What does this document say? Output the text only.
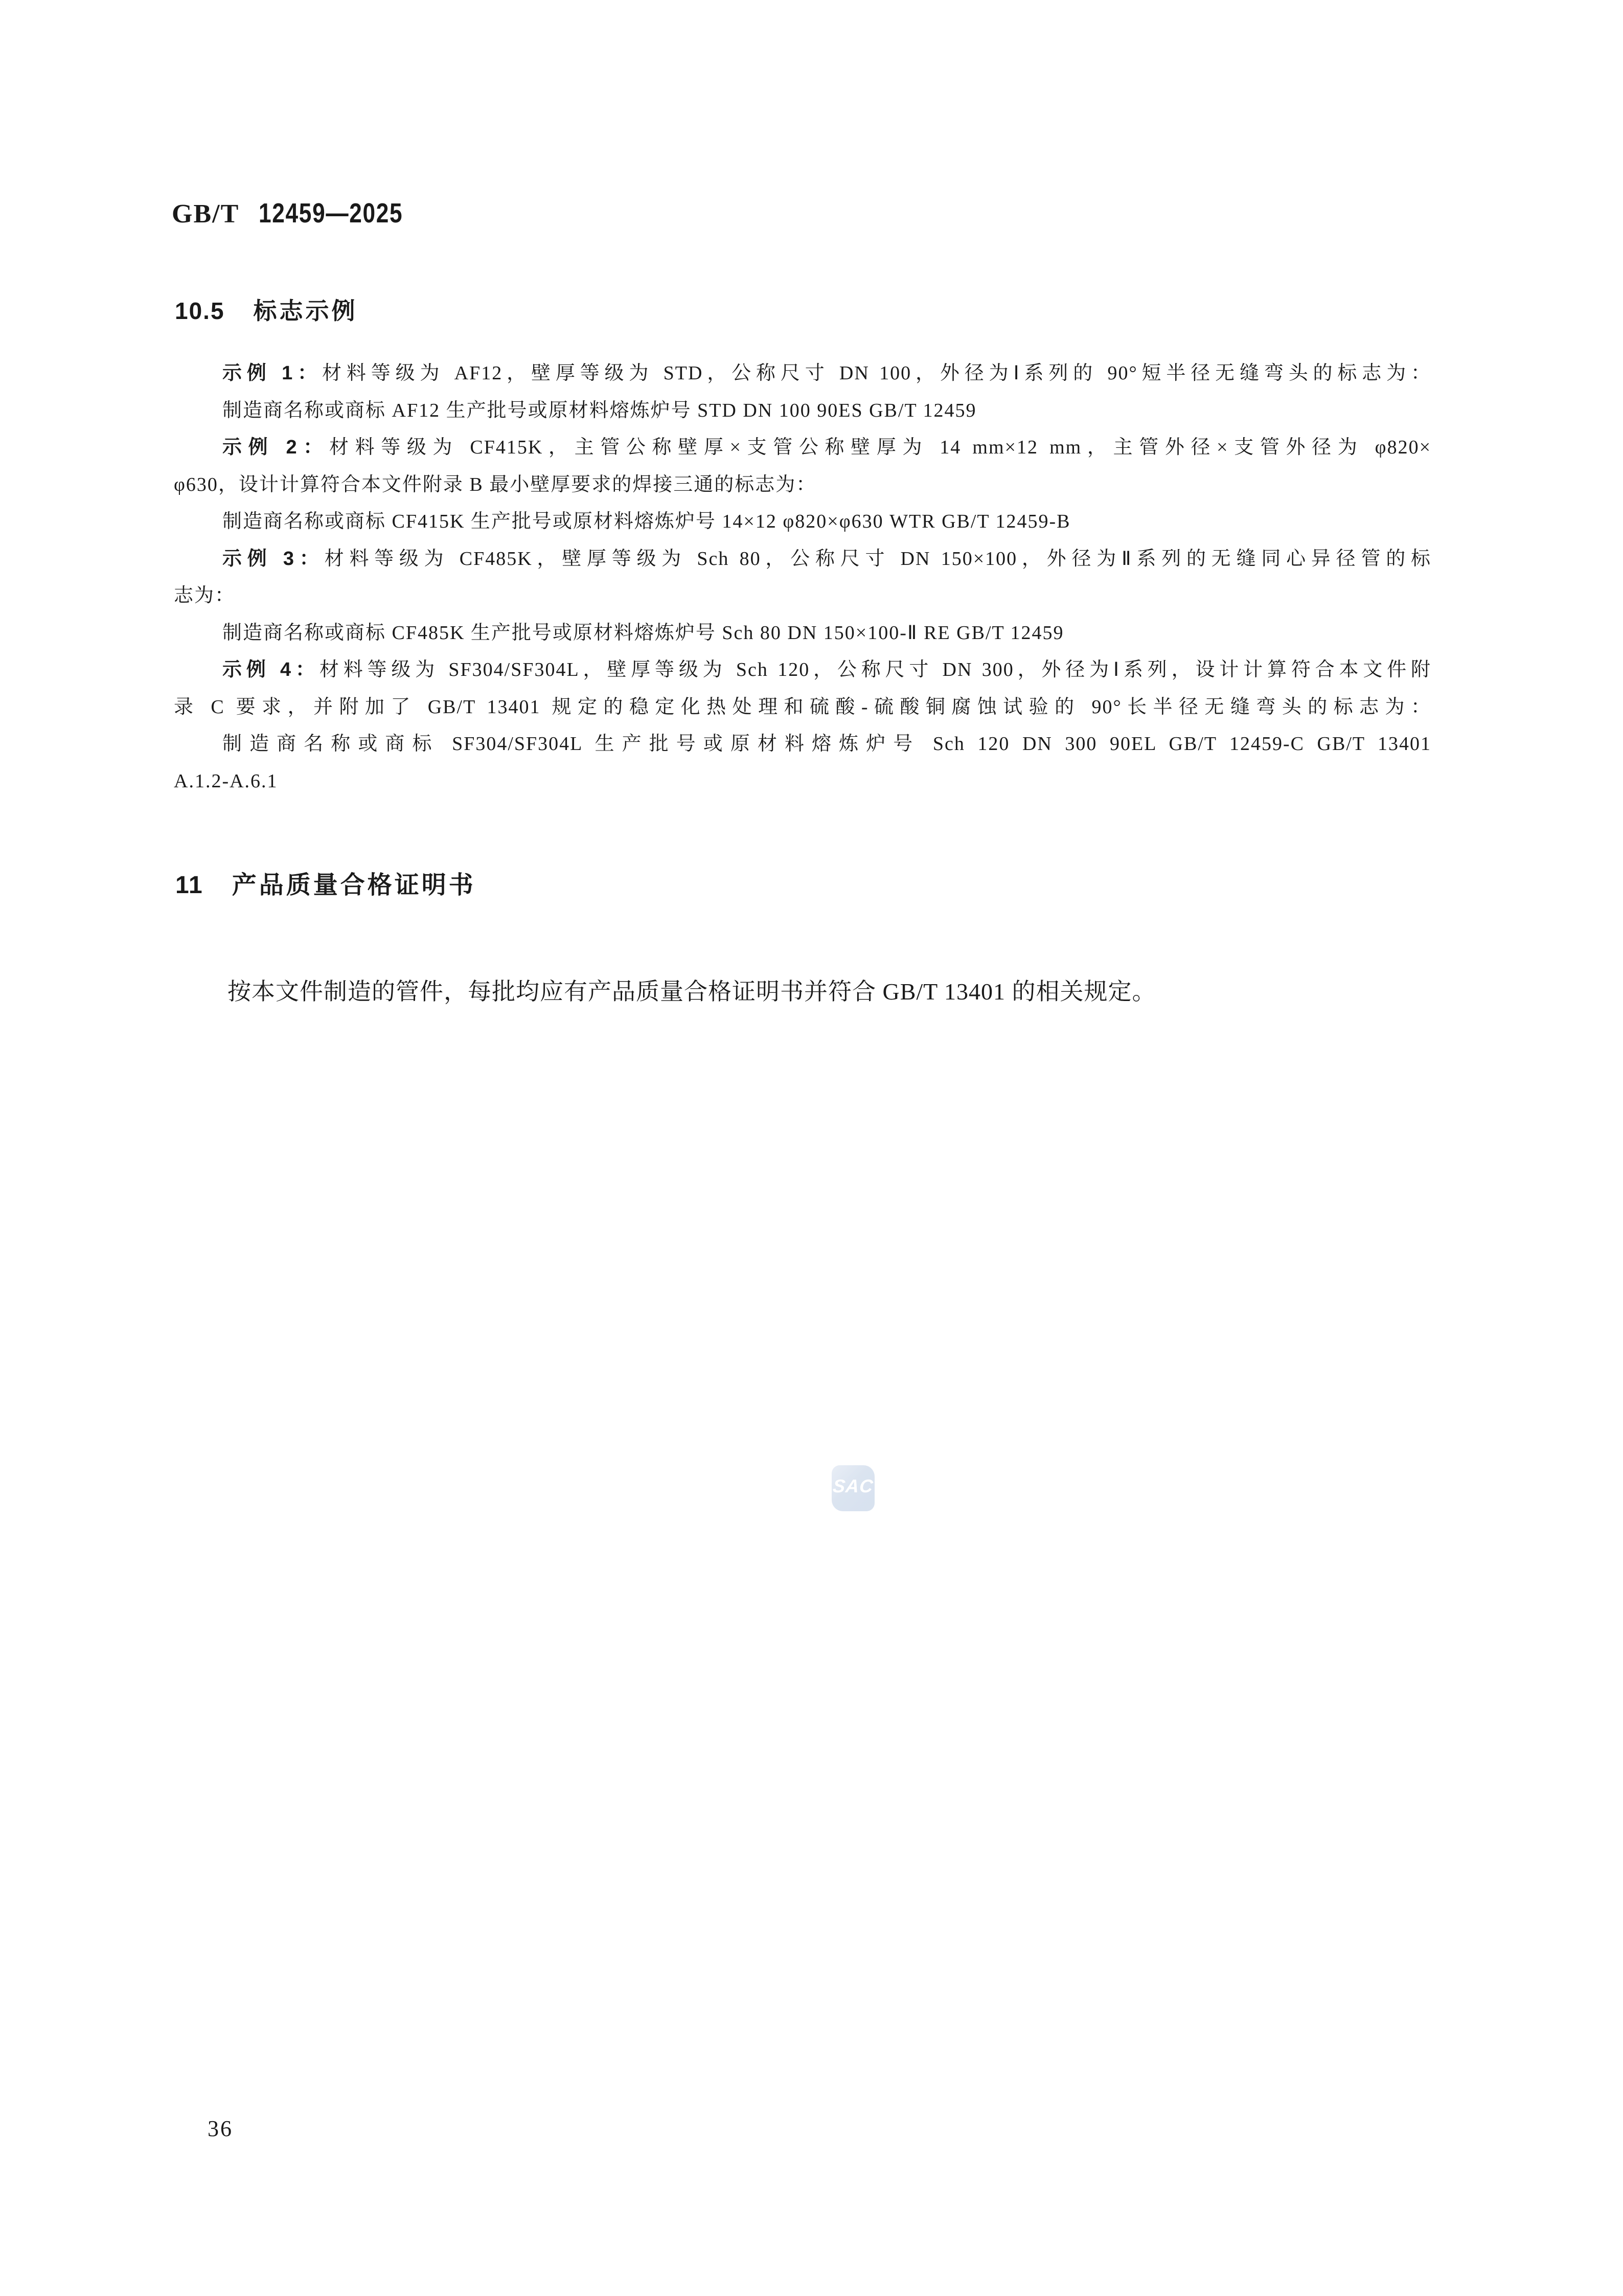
GB/T 12459—2025
10.5 标志示例
示例 1：材料等级为 AF12，壁厚等级为 STD，公称尺寸 DN 100，外径为Ⅰ系列的 90°短半径无缝弯头的标志为：
制造商名称或商标 AF12 生产批号或原材料熔炼炉号 STD DN 100 90ES GB/T 12459
示例 2：材料等级为 CF415K，主管公称壁厚×支管公称壁厚为 14 mm×12 mm，主管外径×支管外径为 φ820×
φ630，设计计算符合本文件附录 B 最小壁厚要求的焊接三通的标志为：
制造商名称或商标 CF415K 生产批号或原材料熔炼炉号 14×12 φ820×φ630 WTR GB/T 12459-B
示例 3：材料等级为 CF485K，壁厚等级为 Sch 80，公称尺寸 DN 150×100，外径为Ⅱ系列的无缝同心异径管的标
志为：
制造商名称或商标 CF485K 生产批号或原材料熔炼炉号 Sch 80 DN 150×100-Ⅱ RE GB/T 12459
示例 4：材料等级为 SF304/SF304L，壁厚等级为 Sch 120，公称尺寸 DN 300，外径为Ⅰ系列，设计计算符合本文件附
录 C 要求，并附加了 GB/T 13401 规定的稳定化热处理和硫酸-硫酸铜腐蚀试验的 90°长半径无缝弯头的标志为：
制造商名称或商标 SF304/SF304L 生产批号或原材料熔炼炉号 Sch 120 DN 300 90EL GB/T 12459-C GB/T 13401
A.1.2-A.6.1
11 产品质量合格证明书

按本文件制造的管件，每批均应有产品质量合格证明书并符合 GB/T 13401 的相关规定。

SAC
36
